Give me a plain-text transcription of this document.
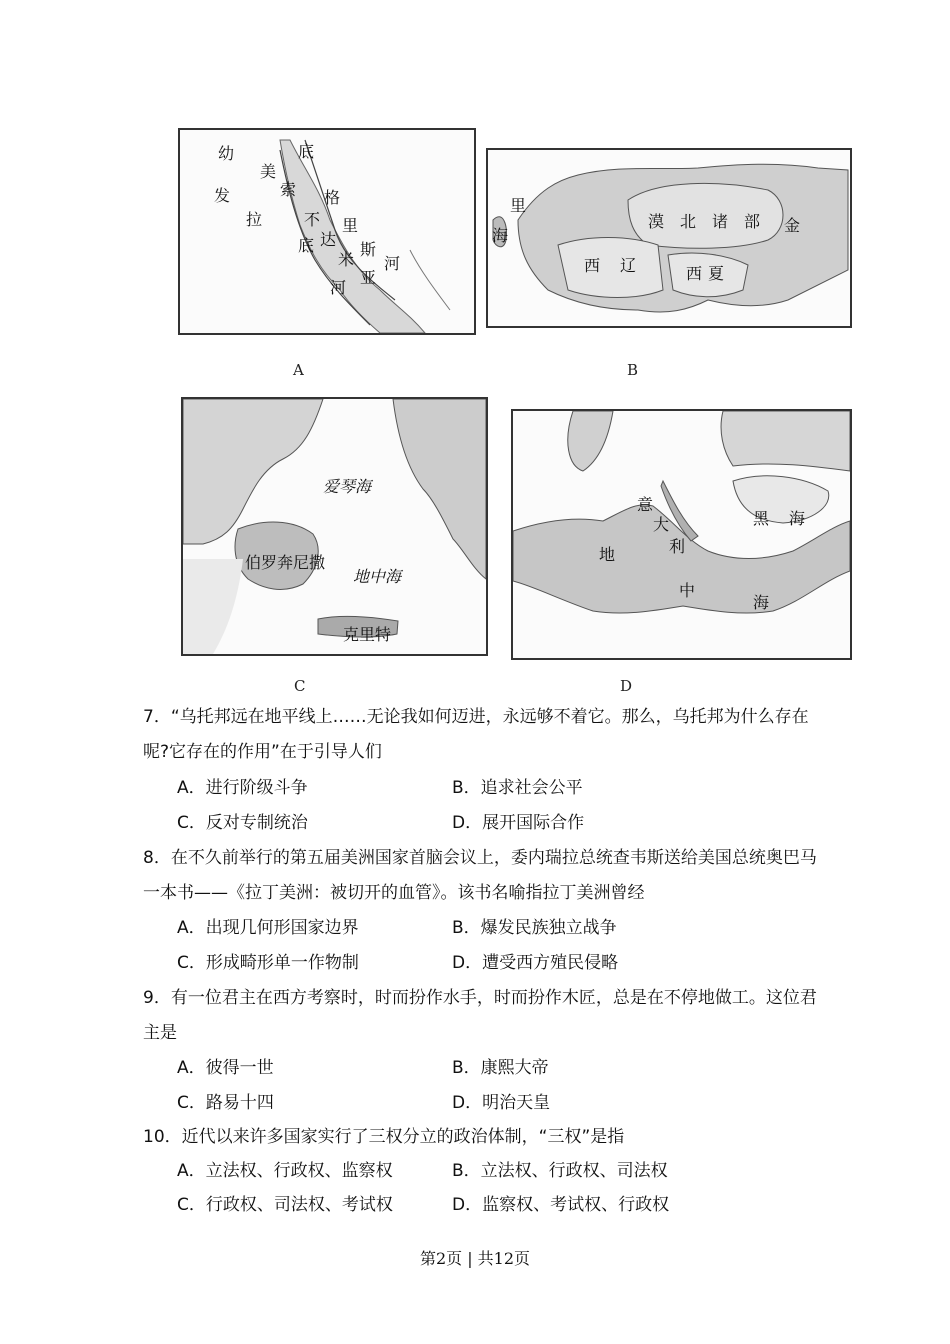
幼
发
拉
底
美
索
不
格
里
底 达
米
斯
河
亚
河
A
里
海
漠 北 诸 部 金
西 辽	西 夏
B
爱琴海
伯罗奔尼撒
地中海
克里特
C
意
大
利
黑 海
地
中
海
D
7．“乌托邦远在地平线上……无论我如何迈进，永远够不着它。那么，乌托邦为什么存在
呢?它存在的作用”在于引导人们
A．进行阶级斗争	B．追求社会公平
C．反对专制统治	D．展开国际合作
8．在不久前举行的第五届美洲国家首脑会议上，委内瑞拉总统查韦斯送给美国总统奥巴马
一本书——《拉丁美洲：被切开的血管》。该书名喻指拉丁美洲曾经
A．出现几何形国家边界	B．爆发民族独立战争
C．形成畸形单一作物制	D．遭受西方殖民侵略
9．有一位君主在西方考察时，时而扮作水手，时而扮作木匠，总是在不停地做工。这位君
主是
A．彼得一世	B．康熙大帝
C．路易十四	D．明治天皇
10．近代以来许多国家实行了三权分立的政治体制，“三权”是指
A．立法权、行政权、监察权	B．立法权、行政权、司法权
C．行政权、司法权、考试权	D．监察权、考试权、行政权
第2页 | 共12页
